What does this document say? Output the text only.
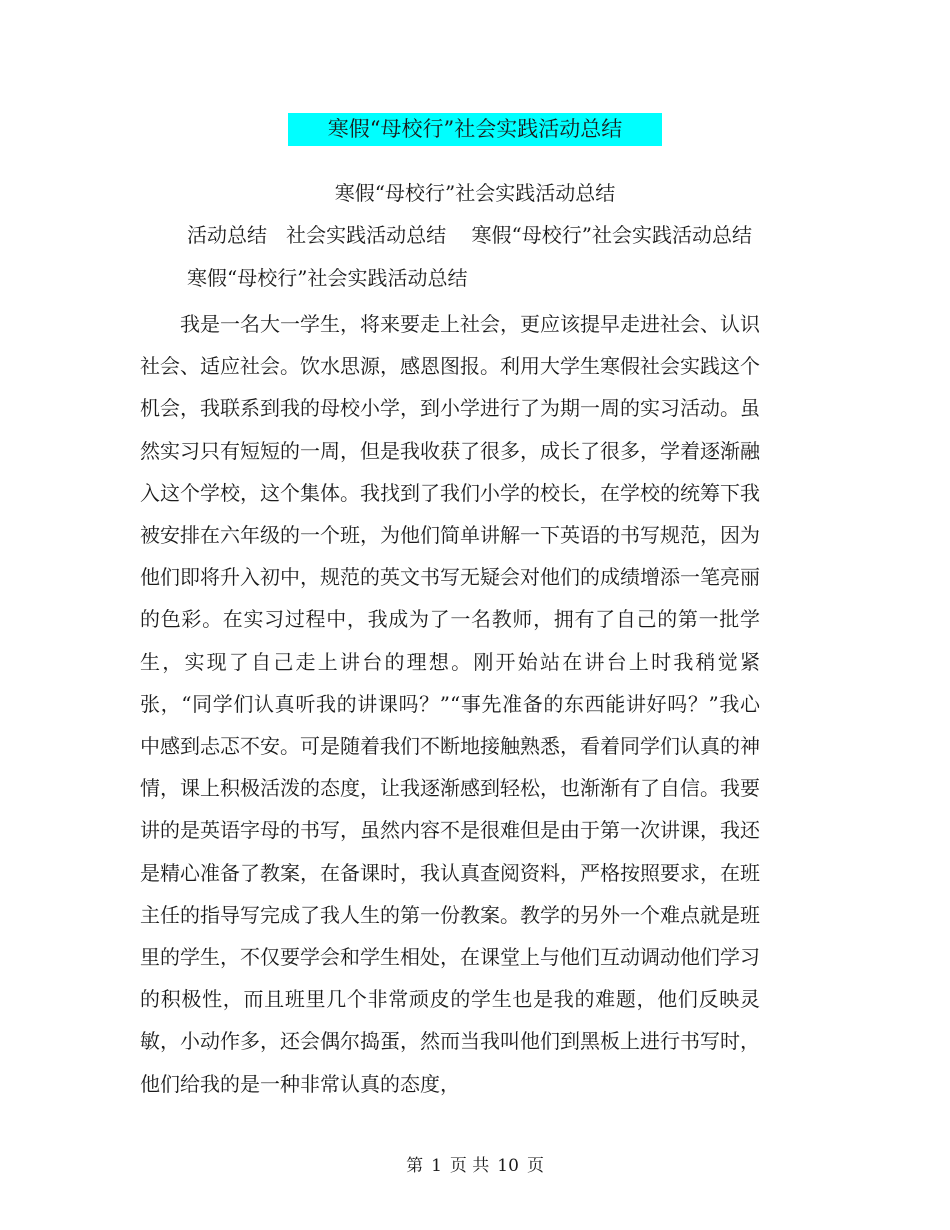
寒假“母校行”社会实践活动总结
寒假“母校行”社会实践活动总结
活动总结   社会实践活动总结    寒假“母校行”社会实践活动总结
寒假“母校行”社会实践活动总结

我是一名大一学生，将来要走上社会，更应该提早走进社会、认识社会、适应社会。饮水思源，感恩图报。利用大学生寒假社会实践这个机会，我联系到我的母校小学，到小学进行了为期一周的实习活动。虽然实习只有短短的一周，但是我收获了很多，成长了很多，学着逐渐融入这个学校，这个集体。我找到了我们小学的校长，在学校的统筹下我被安排在六年级的一个班，为他们简单讲解一下英语的书写规范，因为他们即将升入初中，规范的英文书写无疑会对他们的成绩增添一笔亮丽的色彩。在实习过程中，我成为了一名教师，拥有了自己的第一批学生，实现了自己走上讲台的理想。刚开始站在讲台上时我稍觉紧张，“同学们认真听我的讲课吗？”“事先准备的东西能讲好吗？”我心中感到忐忑不安。可是随着我们不断地接触熟悉，看着同学们认真的神情，课上积极活泼的态度，让我逐渐感到轻松，也渐渐有了自信。我要讲的是英语字母的书写，虽然内容不是很难但是由于第一次讲课，我还是精心准备了教案，在备课时，我认真查阅资料，严格按照要求，在班主任的指导写完成了我人生的第一份教案。教学的另外一个难点就是班里的学生，不仅要学会和学生相处，在课堂上与他们互动调动他们学习的积极性，而且班里几个非常顽皮的学生也是我的难题，他们反映灵敏，小动作多，还会偶尔捣蛋，然而当我叫他们到黑板上进行书写时，他们给我的是一种非常认真的态度，

第 1 页 共 10 页
